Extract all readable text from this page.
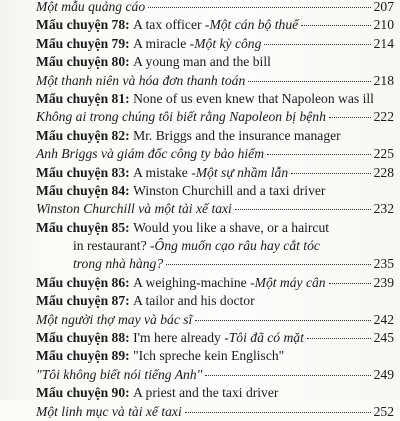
Một mẫu quảng cáo	207
Mẩu chuyện 78:
A tax officer - Một cán bộ thuế	210
Mẩu chuyện 79:
A miracle - Một kỳ công	214
Mẩu chuyện 80:
A young man and the bill
Một thanh niên và hóa đơn thanh toán	218
Mẩu chuyện 81:
None of us even knew that Napoleon was ill
Không ai trong chúng tôi biết rằng Napoleon bị bệnh	222
Mẩu chuyện 82:
Mr. Briggs and the insurance manager
Anh Briggs và giám đốc công ty bảo hiểm	225
Mẩu chuyện 83:
A mistake - Một sự nhầm lẫn	228
Mẩu chuyện 84:
Winston Churchill and a taxi driver
Winston Churchill và một tài xế taxi	232
Mẩu chuyện 85:
Would you like a shave, or a haircut
in restaurant? - Ông muốn cạo râu hay cắt tóc
trong nhà hàng?	235
Mẩu chuyện 86:
A weighing-machine - Một máy cân	239
Mẩu chuyện 87:
A tailor and his doctor
Một người thợ may và bác sĩ	242
Mẩu chuyện 88:
I'm here already - Tôi đã có mặt	245
Mẩu chuyện 89:
"Ich spreche kein Englisch"
"Tôi không biết nói tiếng Anh"	249
Mẩu chuyện 90:
A priest and the taxi driver
Một linh mục và tài xế taxi	252
